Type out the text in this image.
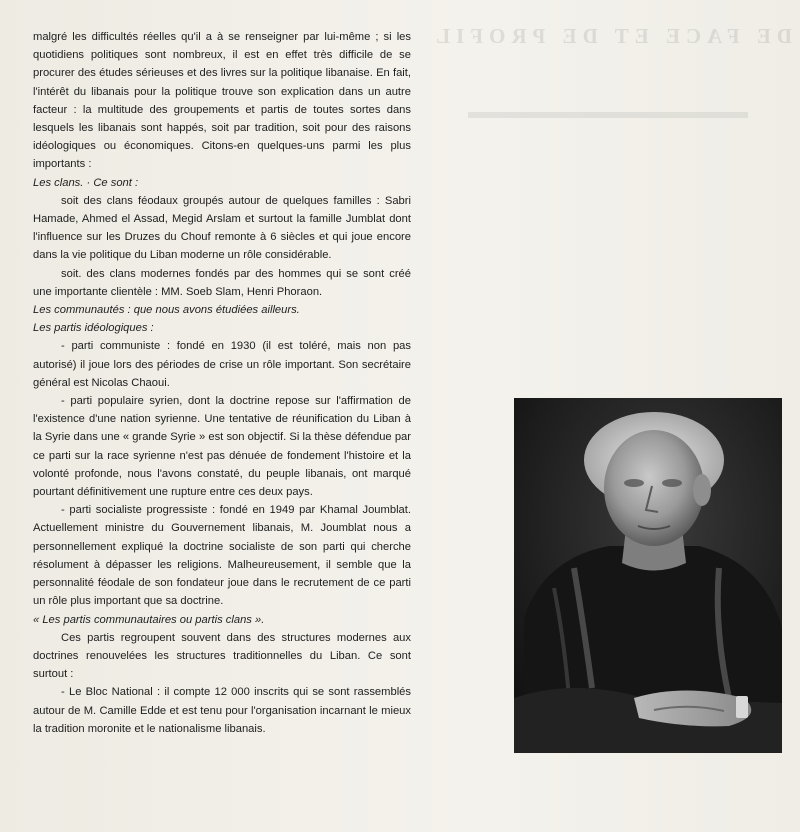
DE FACE ET DE PROFIL

malgré les difficultés réelles qu'il a à se renseigner par lui-même ; si les quotidiens politiques sont nombreux, il est en effet très difficile de se procurer des études sérieuses et des livres sur la politique libanaise. En fait, l'intérêt du libanais pour la politique trouve son explication dans un autre facteur : la multitude des groupements et partis de toutes sortes dans lesquels les libanais sont happés, soit par tradition, soit pour des raisons idéologiques ou économiques. Citons-en quelques-uns parmi les plus importants :

Les clans. · Ce sont :

soit des clans féodaux groupés autour de quelques familles : Sabri Hamade, Ahmed el Assad, Megid Arslam et surtout la famille Jumblat dont l'influence sur les Druzes du Chouf remonte à 6 siècles et qui joue encore dans la vie politique du Liban moderne un rôle considérable.

soit. des clans modernes fondés par des hommes qui se sont créé une importante clientèle : MM. Soeb Slam, Henri Phoraon.

Les communautés : que nous avons étudiées ailleurs.

Les partis idéologiques :

- parti communiste : fondé en 1930 (il est toléré, mais non pas autorisé) il joue lors des périodes de crise un rôle important. Son secrétaire général est Nicolas Chaoui.

- parti populaire syrien, dont la doctrine repose sur l'affirmation de l'existence d'une nation syrienne. Une tentative de réunification du Liban à la Syrie dans une « grande Syrie » est son objectif. Si la thèse défendue par ce parti sur la race syrienne n'est pas dénuée de fondement l'histoire et la volonté profonde, nous l'avons constaté, du peuple libanais, ont marqué pourtant définitivement une rupture entre ces deux pays.

- parti socialiste progressiste : fondé en 1949 par Khamal Joumblat. Actuellement ministre du Gouvernement libanais, M. Joumblat nous a personnellement expliqué la doctrine socialiste de son parti qui cherche résolument à dépasser les religions. Malheureusement, il semble que la personnalité féodale de son fondateur joue dans le recrutement de ce parti un rôle plus important que sa doctrine.

« Les partis communautaires ou partis clans ».

Ces partis regroupent souvent dans des structures modernes aux doctrines renouvelées les structures traditionnelles du Liban. Ce sont surtout :

- Le Bloc National : il compte 12 000 inscrits qui se sont rassemblés autour de M. Camille Edde et est tenu pour l'organisation incarnant le mieux la tradition moronite et le nationalisme libanais.
